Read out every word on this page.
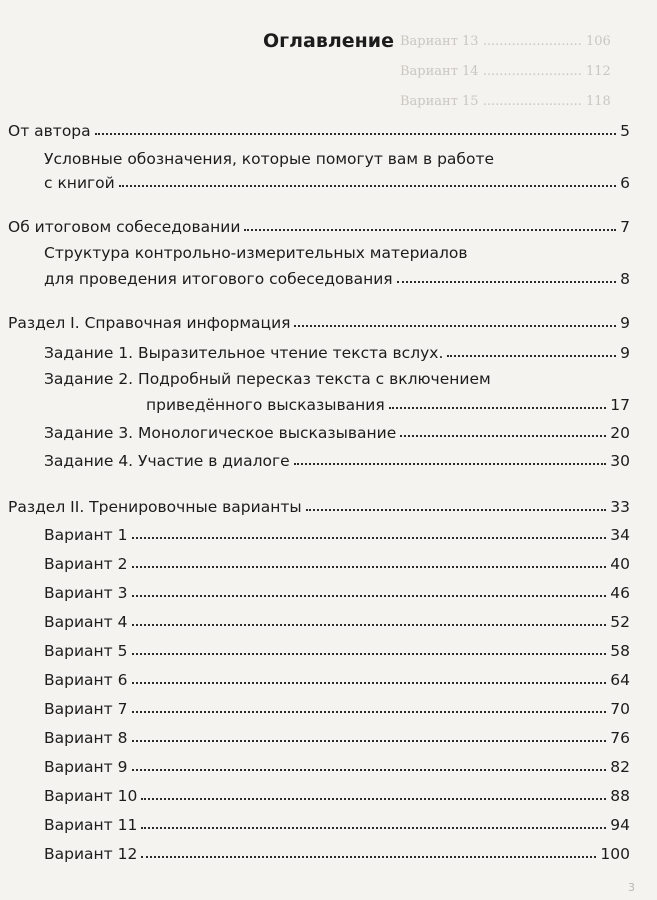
Вариант 13 ........................ 106
Вариант 14 ........................ 112
Вариант 15 ........................ 118
Оглавление
От автора	5
Условные обозначения, которые помогут вам в работе
с книгой	6
Об итоговом собеседовании	7
Структура контрольно-измерительных материалов
для проведения итогового собеседования	8
Раздел I. Справочная информация	9
Задание 1. Выразительное чтение текста вслух.	9
Задание 2. Подробный пересказ текста с включением
приведённого высказывания	17
Задание 3. Монологическое высказывание	20
Задание 4. Участие в диалоге	30
Раздел II. Тренировочные варианты	33
Вариант 1	34
Вариант 2	40
Вариант 3	46
Вариант 4	52
Вариант 5	58
Вариант 6	64
Вариант 7	70
Вариант 8	76
Вариант 9	82
Вариант 10	88
Вариант 11	94
Вариант 12	100
3
